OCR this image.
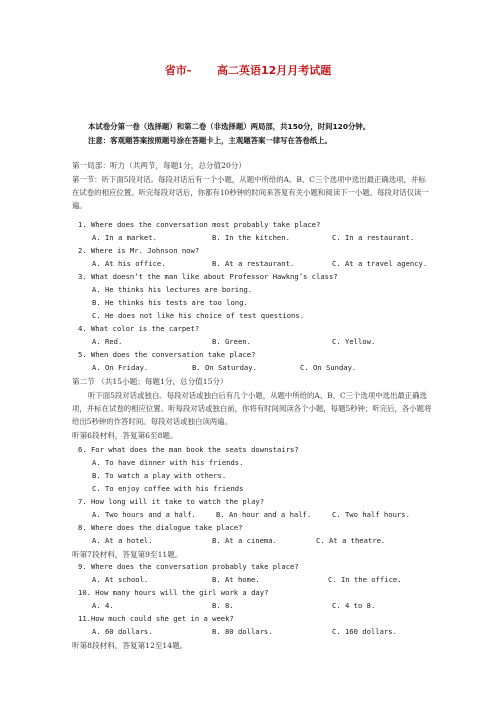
省市- 高二英语12月月考试题
本试卷分第一卷（选择题）和第二卷（非选择题）两局部，共150分，时间120分钟。
注意：客观题答案按照题号涂在答题卡上，主观题答案一律写在答卷纸上。
第一局部：听力（共两节，每题1分，总分值20分）
第一节：听下面5段对话。每段对话后有一个小题，从题中所给的A、B、C三个选项中选出最正确选项，并标在试卷的相应位置。听完每段对话后，你都有10秒钟的时间来答复有关小题和阅读下一小题。每段对话仅读一遍。
1. Where does the conversation most probably take place?
A. In a market.	B. In the kitchen.	C. In a restaurant.
2. Where is Mr. Johnson now?
A. At his office.	B. At a restaurant.	C. At a travel agency.
3. What doesn’t the man like about Professor Hawkng’s class?
A. He thinks his lectures are boring.
B. He thinks his tests are too long.
C. He does not like his choice of test questions.
4. What color is the carpet?
A. Red.	B. Green.	C. Yellow.
5. When does the conversation take place?
A. On Friday.	B. On Saturday.	C. On Sunday.
第二节 （共15小题；每题1分，总分值15分）
听下面5段对话或独白。每段对话或独白后有几个小题，从题中所给的A、B、C三个选项中选出最正确选项，并标在试卷的相应位置。听每段对话或独白前，你将有时间阅读各个小题，每题5秒钟；听完后，各小题将给出5秒钟的作答时间。每段对话或独白读两遍。
听第6段材料，答复第6至8题。
6. For what does the man book the seats downstairs?
A. To have dinner with his friends.
B. To watch a play with others.
C. To enjoy coffee with his friends
7. How long will it take to watch the play?
A. Two hours and a half.	B. An hour and a half.	C. Two half hours.
8. Where does the dialogue take place?
A. At a hotel.	B. At a cinema.	C. At a theatre.
听第7段材料，答复第9至11题。
9. Where does the conversation probably take place?
A. At school.	B. At home.	C. In the office.
10. How many hours will the girl work a day?
A. 4.	B. 8.	C. 4 to 8.
11.How much could she get in a week?
A. 60 dollars.	B. 80 dollars.	C. 160 dollars.
听第8段材料，答复第12至14题。
